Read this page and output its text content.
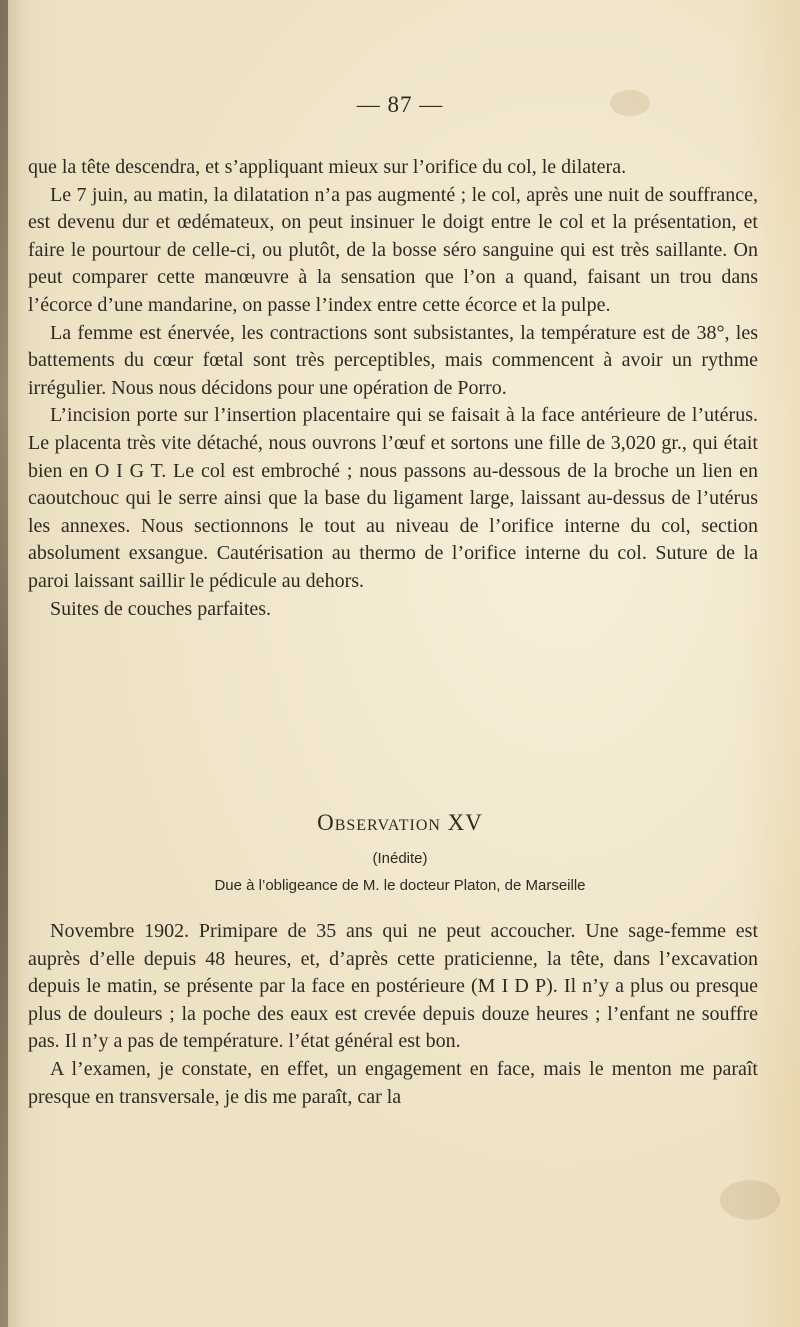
— 87 —

que la tête descendra, et s’appliquant mieux sur l’orifice du col, le dilatera.

Le 7 juin, au matin, la dilatation n’a pas augmenté ; le col, après une nuit de souffrance, est devenu dur et œdémateux, on peut insinuer le doigt entre le col et la présentation, et faire le pourtour de celle-ci, ou plutôt, de la bosse séro sanguine qui est très saillante. On peut comparer cette manœuvre à la sensation que l’on a quand, faisant un trou dans l’écorce d’une mandarine, on passe l’index entre cette écorce et la pulpe.

La femme est énervée, les contractions sont subsistantes, la température est de 38°, les battements du cœur fœtal sont très perceptibles, mais commencent à avoir un rythme irrégulier. Nous nous décidons pour une opération de Porro.

L’incision porte sur l’insertion placentaire qui se faisait à la face antérieure de l’utérus. Le placenta très vite détaché, nous ouvrons l’œuf et sortons une fille de 3,020 gr., qui était bien en O I G T. Le col est embroché ; nous passons au-dessous de la broche un lien en caoutchouc qui le serre ainsi que la base du ligament large, laissant au-dessus de l’utérus les annexes. Nous sectionnons le tout au niveau de l’orifice interne du col, section absolument exsangue. Cautérisation au thermo de l’orifice interne du col. Suture de la paroi laissant saillir le pédicule au dehors.

Suites de couches parfaites.

Observation XV
(Inédite)
Due à l’obligeance de M. le docteur Platon, de Marseille

Novembre 1902. Primipare de 35 ans qui ne peut accoucher. Une sage-femme est auprès d’elle depuis 48 heures, et, d’après cette praticienne, la tête, dans l’excavation depuis le matin, se présente par la face en postérieure (M I D P). Il n’y a plus ou presque plus de douleurs ; la poche des eaux est crevée depuis douze heures ; l’enfant ne souffre pas. Il n’y a pas de température. l’état général est bon.

A l’examen, je constate, en effet, un engagement en face, mais le menton me paraît presque en transversale, je dis me paraît, car la
